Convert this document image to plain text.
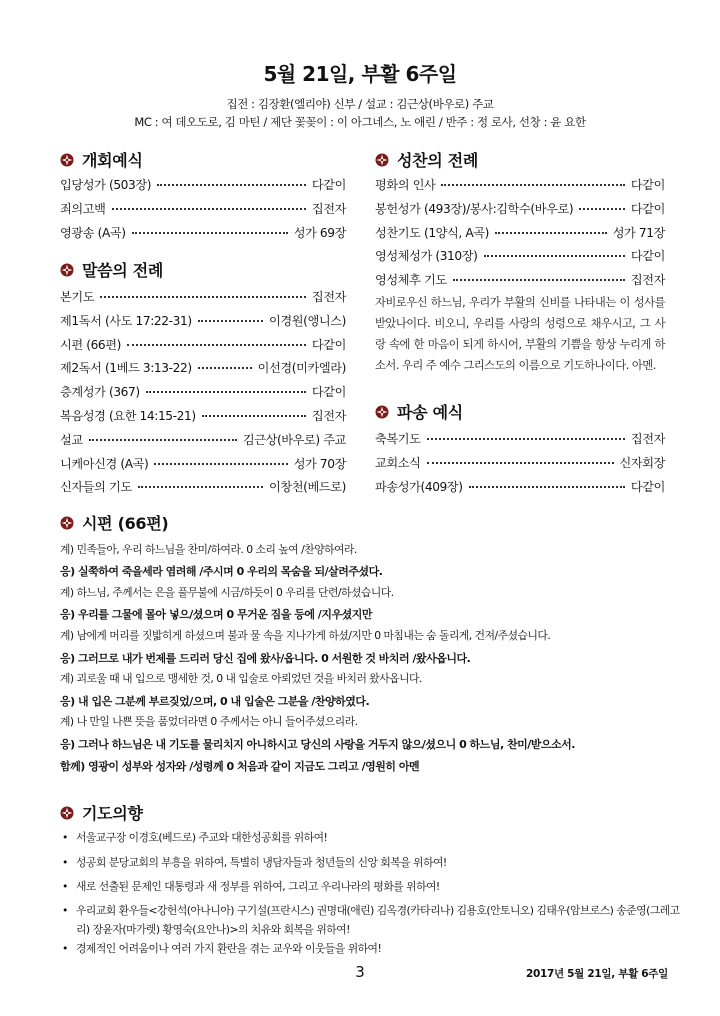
5월 21일, 부활 6주일
집전 : 김장환(엘리야) 신부 / 설교 : 김근상(바우로) 주교
MC : 여 데오도로, 김 마틴 / 제단 꽃꽂이 : 이 아그네스, 노 애린 / 반주 : 정 로사, 선창 : 윤 요한
개회예식
입당성가 (503장)	다같이
죄의고백	집전자
영광송 (A곡)	성가 69장
말씀의 전례
본기도	집전자
제1독서 (사도 17:22-31)	이경원(앵니스)
시편 (66편)	다같이
제2독서 (1베드 3:13-22)	이선경(미카엘라)
층계성가 (367)	다같이
복음성경 (요한 14:15-21)	집전자
설교	김근상(바우로) 주교
니케아신경 (A곡)	성가 70장
신자들의 기도	이창천(베드로)
성찬의 전례
평화의 인사	다같이
봉헌성가 (493장)/봉사:김학수(바우로)	다같이
성찬기도 (1양식, A곡)	성가 71장
영성체성가 (310장)	다같이
영성체후 기도	집전자
자비로우신 하느님, 우리가 부활의 신비를 나타내는 이 성사를 받았나이다. 비오니, 우리를 사랑의 성령으로 채우시고, 그 사랑 속에 한 마음이 되게 하시어, 부활의 기쁨을 항상 누리게 하소서. 우리 주 예수 그리스도의 이름으로 기도하나이다. 아멘.
파송 예식
축복기도	집전자
교회소식	신자회장
파송성가(409장)	다같이
시편 (66편)
계) 민족들아, 우리 하느님을 찬미/하여라. 0 소리 높여 /찬양하여라.
응) 실쭉하여 죽을세라 염려해 /주시며 0 우리의 목숨을 되/살려주셨다.
계) 하느님, 주께서는 은을 풀무불에 시금/하듯이 0 우리를 단련/하셨습니다.
응) 우리를 그물에 몰아 넣으/셨으며 0 무거운 짐을 등에 /지우셨지만
계) 남에게 머리를 짓밟히게 하셨으며 불과 물 속을 지나가게 하셨/지만 0 마침내는 숨 돌리게, 건져/주셨습니다.
응) 그러므로 내가 번제를 드리러 당신 집에 왔사/옵니다. 0 서원한 것 바치러 /왔사옵니다.
계) 괴로울 때 내 입으로 맹세한 것, 0 내 입술로 아뢰었던 것을 바치러 왔사옵니다.
응) 내 입은 그분께 부르짖었/으며, 0 내 입술은 그분을 /찬양하였다.
계) 나 만일 나쁜 뜻을 품었더라면 0 주께서는 아니 들어주셨으리라.
응) 그러나 하느님은 내 기도를 물리치지 아니하시고 당신의 사랑을 거두지 않으/셨으니 0 하느님, 찬미/받으소서.
함께) 영광이 성부와 성자와 /성령께 0 처음과 같이 지금도 그리고 /영원히 아멘
기도의향
• 서울교구장 이경호(베드로) 주교와 대한성공회를 위하여!
• 성공회 분당교회의 부흥을 위하여, 특별히 냉담자들과 청년들의 신앙 회복을 위하여!
• 새로 선출된 문제인 대통령과 새 정부를 위하여, 그리고 우리나라의 평화를 위하여!
• 우리교회 환우들<강헌석(아나니아) 구기설(프란시스) 권명대(애린) 김옥경(카타리나) 김용호(안토니오) 김태우(암브로스) 송준영(그레고리) 장윤자(마가렛) 황영숙(요안나)>의 치유와 회복을 위하여!
• 경제적인 어려움이나 여러 가지 환란을 겪는 교우와 이웃들을 위하여!
3	2017년 5월 21일, 부활 6주일
